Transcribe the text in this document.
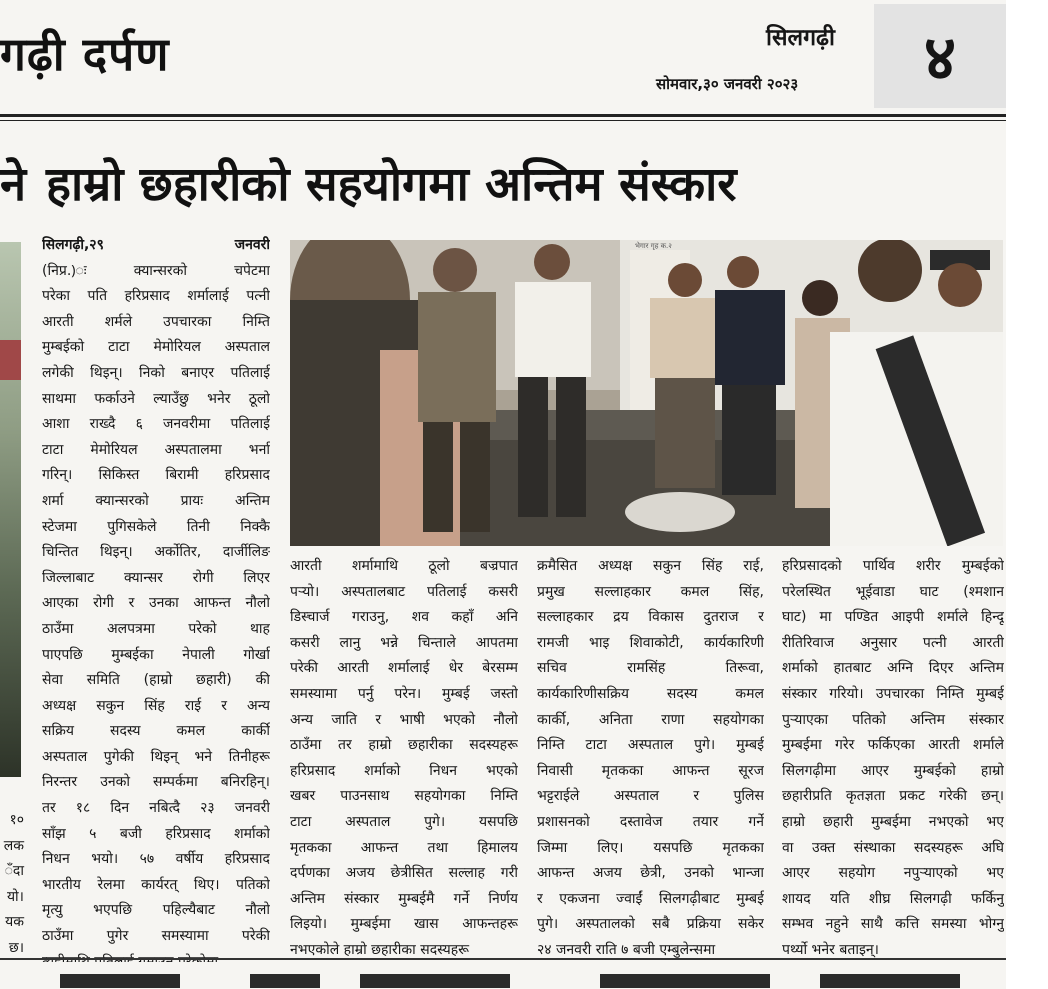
गढ़ी दर्पण	सिलगढ़ी
सोमवार,३० जनवरी २०२३	४
ने हाम्रो छहारीको सहयोगमा अन्तिम संस्कार
१०
लक
ँदा
यो।
यक
छ।
सिलगढ़ी,२९ जनवरी
(निप्र.)ः क्यान्सरको चपेटमा
परेका पति हरिप्रसाद शर्मालाई पत्नी
आरती शर्मले उपचारका निम्ति
मुम्बईको टाटा मेमोरियल अस्पताल
लगेकी थिइन्। निको बनाएर पतिलाई
साथमा फर्काउने ल्याउँछु भनेर ठूलो
आशा राख्दै ६ जनवरीमा पतिलाई
टाटा मेमोरियल अस्पतालमा भर्ना
गरिन्। सिकिस्त बिरामी हरिप्रसाद
शर्मा क्यान्सरको प्रायः अन्तिम
स्टेजमा पुगिसकेले तिनी निक्कै
चिन्तित थिइन्। अर्कोतिर, दार्जीलिङ
जिल्लाबाट क्यान्सर रोगी लिएर
आएका रोगी र उनका आफन्त नौलो
ठाउँमा अलपत्रमा परेको थाह
पाएपछि मुम्बईका नेपाली गोर्खा
सेवा समिति (हाम्रो छहारी) की
अध्यक्ष सकुन सिंह राई र अन्य
सक्रिय सदस्य कमल कार्की
अस्पताल पुगेकी थिइन् भने तिनीहरू
निरन्तर उनको सम्पर्कमा बनिरहिन्।
तर १८ दिन नबित्दै २३ जनवरी
साँझ ५ बजी हरिप्रसाद शर्माको
निधन भयो। ५७ वर्षीय हरिप्रसाद
भारतीय रेलमा कार्यरत् थिए। पतिको
मृत्यु भएपछि पहिल्यैबाट नौलो
ठाउँमा पुगेर समस्यामा परेकी
भेगार गृह क.२
आरती शर्मामाथि ठूलो बज्रपात
पऱ्यो। अस्पतालबाट पतिलाई कसरी
डिस्चार्ज गराउनु, शव कहाँ अनि
कसरी लानु भन्ने चिन्ताले आपतमा
परेकी आरती शर्मालाई धेर बेरसम्म
समस्यामा पर्नु परेन। मुम्बई जस्तो
अन्य जाति र भाषी भएको नौलो
ठाउँमा तर हाम्रो छहारीका सदस्यहरू
हरिप्रसाद शर्माको निधन भएको
खबर पाउनसाथ सहयोगका निम्ति
टाटा अस्पताल पुगे। यसपछि
मृतकका आफन्त तथा हिमालय
दर्पणका अजय छेत्रीसित सल्लाह गरी
अन्तिम संस्कार मुम्बईमै गर्ने निर्णय
लिइयो। मुम्बईमा खास आफन्तहरू
नभएकोले हाम्रो छहारीका सदस्यहरू
क्रमैसित अध्यक्ष सकुन सिंह राई,
प्रमुख सल्लाहकार कमल सिंह,
सल्लाहकार द्रय विकास दुतराज र
रामजी भाइ शिवाकोटी, कार्यकारिणी
सचिव रामसिंह तिरूवा,
कार्यकारिणीसक्रिय सदस्य कमल
कार्की, अनिता राणा सहयोगका
निम्ति टाटा अस्पताल पुगे। मुम्बई
निवासी मृतकका आफन्त सूरज
भट्टराईले अस्पताल र पुलिस
प्रशासनको दस्तावेज तयार गर्ने
जिम्मा लिए। यसपछि मृतकका
आफन्त अजय छेत्री, उनको भान्जा
र एकजना ज्वाईं सिलगढ़ीबाट मुम्बई
पुगे। अस्पतालको सबै प्रक्रिया सकेर
२४ जनवरी राति ७ बजी एम्बुलेन्समा
हरिप्रसादको पार्थिव शरीर मुम्बईको
परेलस्थित भूईवाडा घाट (श्मशान
घाट) मा पण्डित आइपी शर्माले हिन्दू
रीतिरिवाज अनुसार पत्नी आरती
शर्माको हातबाट अग्नि दिएर अन्तिम
संस्कार गरियो। उपचारका निम्ति मुम्बई
पुऱ्याएका पतिको अन्तिम संस्कार
मुम्बईमा गरेर फर्किएका आरती शर्माले
सिलगढ़ीमा आएर मुम्बईको हाम्रो
छहारीप्रति कृतज्ञता प्रकट गरेकी छन्।
हाम्रो छहारी मुम्बईमा नभएको भए
वा उक्त संस्थाका सदस्यहरू अघि
आएर सहयोग नपुऱ्याएको भए
शायद यति शीघ्र सिलगढ़ी फर्किनु
सम्भव नहुने साथै कत्ति समस्या भोग्नु
पर्थ्यो भनेर बताइन्।
